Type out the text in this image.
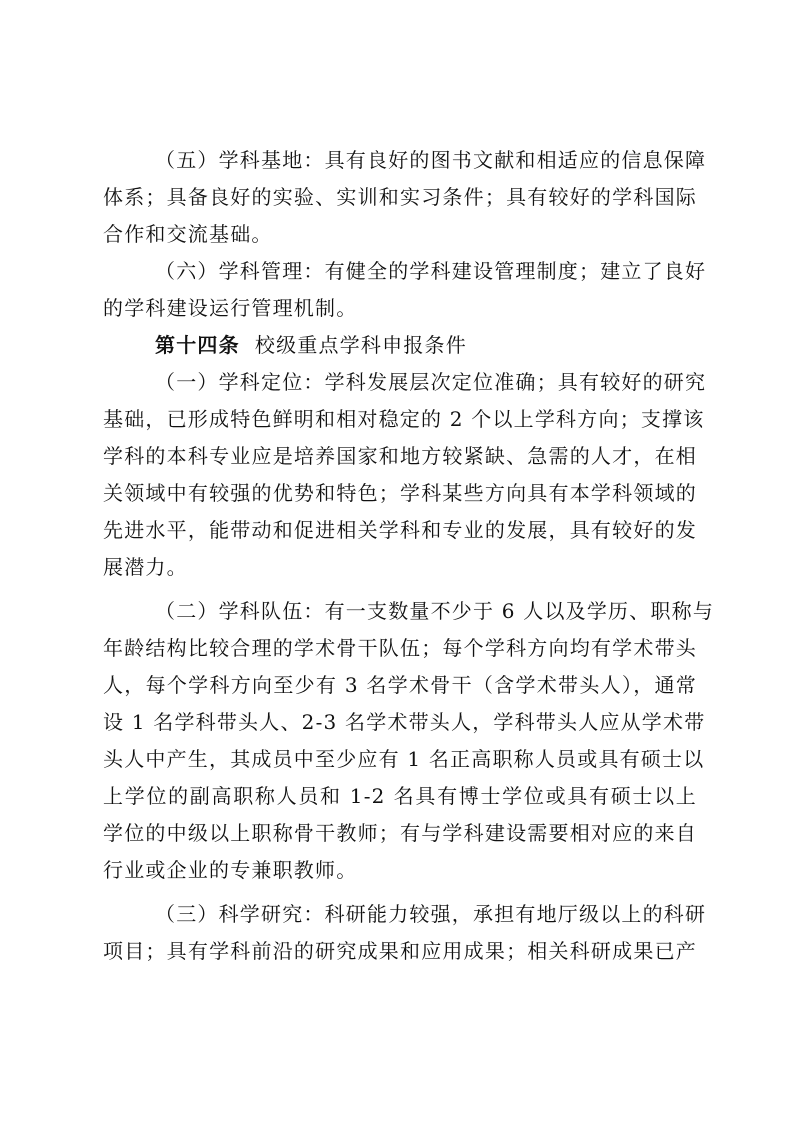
（五）学科基地：具有良好的图书文献和相适应的信息保障
体系；具备良好的实验、实训和实习条件；具有较好的学科国际
合作和交流基础。
（六）学科管理：有健全的学科建设管理制度；建立了良好
的学科建设运行管理机制。
第十四条  校级重点学科申报条件
（一）学科定位：学科发展层次定位准确；具有较好的研究
基础，已形成特色鲜明和相对稳定的 2 个以上学科方向；支撑该
学科的本科专业应是培养国家和地方较紧缺、急需的人才，在相
关领域中有较强的优势和特色；学科某些方向具有本学科领域的
先进水平，能带动和促进相关学科和专业的发展，具有较好的发
展潜力。
（二）学科队伍：有一支数量不少于 6 人以及学历、职称与
年龄结构比较合理的学术骨干队伍；每个学科方向均有学术带头
人，每个学科方向至少有 3 名学术骨干（含学术带头人），通常
设 1 名学科带头人、2-3 名学术带头人，学科带头人应从学术带
头人中产生，其成员中至少应有 1 名正高职称人员或具有硕士以
上学位的副高职称人员和 1-2 名具有博士学位或具有硕士以上
学位的中级以上职称骨干教师；有与学科建设需要相对应的来自
行业或企业的专兼职教师。
（三）科学研究：科研能力较强，承担有地厅级以上的科研
项目；具有学科前沿的研究成果和应用成果；相关科研成果已产
